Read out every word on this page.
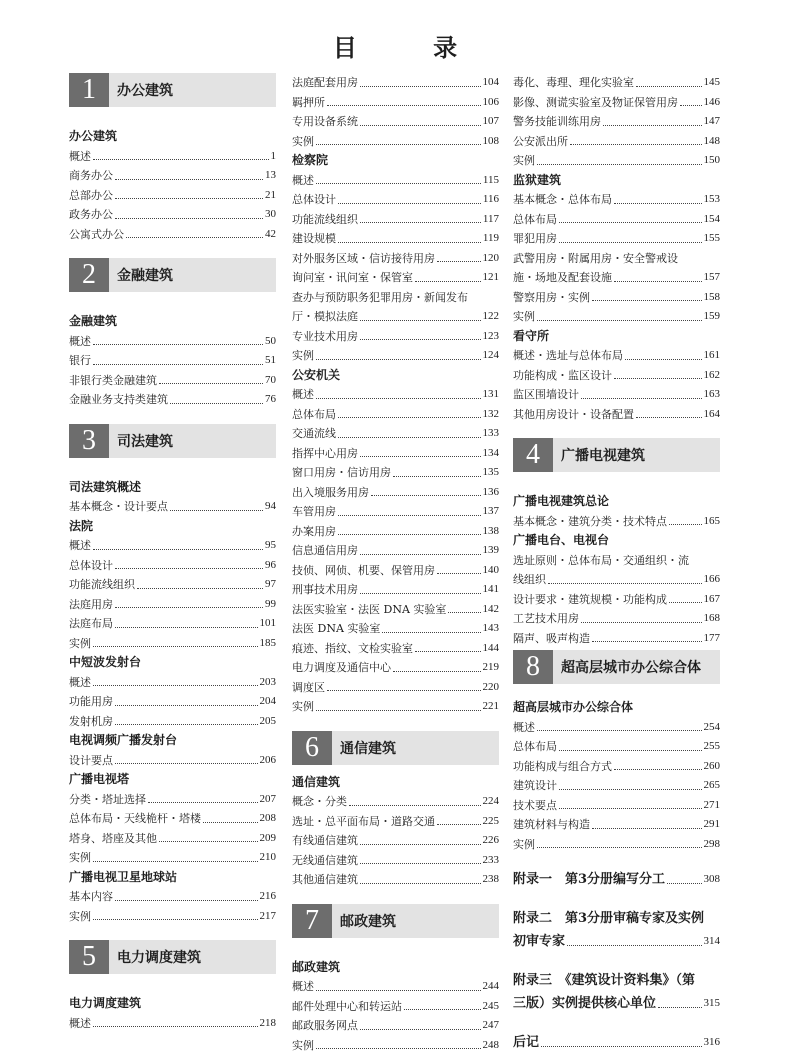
目 录
1	办公建筑
办公建筑
概述	1
商务办公	13
总部办公	21
政务办公	30
公寓式办公	42
2	金融建筑
金融建筑
概述	50
银行	51
非银行类金融建筑	70
金融业务支持类建筑	76
3	司法建筑
司法建筑概述
基本概念・设计要点	94
法院
概述	95
总体设计	96
功能流线组织	97
法庭用房	99
法庭布局	101
实例	185
中短波发射台
概述	203
功能用房	204
发射机房	205
电视调频广播发射台
设计要点	206
广播电视塔
分类・塔址选择	207
总体布局・天线桅杆・塔楼	208
塔身、塔座及其他	209
实例	210
广播电视卫星地球站
基本内容	216
实例	217
5	电力调度建筑
电力调度建筑
概述	218
法庭配套用房	104
羁押所	106
专用设备系统	107
实例	108
检察院
概述	115
总体设计	116
功能流线组织	117
建设规模	119
对外服务区域・信访接待用房	120
询问室・讯问室・保管室	121
查办与预防职务犯罪用房・新闻发布
厅・模拟法庭	122
专业技术用房	123
实例	124
公安机关
概述	131
总体布局	132
交通流线	133
指挥中心用房	134
窗口用房・信访用房	135
出入境服务用房	136
车管用房	137
办案用房	138
信息通信用房	139
技侦、网侦、机要、保管用房	140
刑事技术用房	141
法医实验室・法医 DNA 实验室	142
法医 DNA 实验室	143
痕迹、指纹、文检实验室	144
电力调度及通信中心	219
调度区	220
实例	221
6	通信建筑
通信建筑
概念・分类	224
选址・总平面布局・道路交通	225
有线通信建筑	226
无线通信建筑	233
其他通信建筑	238
7	邮政建筑
邮政建筑
概述	244
邮件处理中心和转运站	245
邮政服务网点	247
实例	248
毒化、毒理、理化实验室	145
影像、测谎实验室及物证保管用房 146
警务技能训练用房	147
公安派出所	148
实例	150
监狱建筑
基本概念・总体布局	153
总体布局	154
罪犯用房	155
武警用房・附属用房・安全警戒设
施・场地及配套设施	157
警察用房・实例	158
实例	159
看守所
概述・选址与总体布局	161
功能构成・监区设计	162
监区围墙设计	163
其他用房设计・设备配置	164
4	广播电视建筑
广播电视建筑总论
基本概念・建筑分类・技术特点	165
广播电台、电视台
选址原则・总体布局・交通组织・流
线组织	166
设计要求・建筑规模・功能构成	167
工艺技术用房	168
隔声、吸声构造	177
8	超高层城市办公综合体
超高层城市办公综合体
概述	254
总体布局	255
功能构成与组合方式	260
建筑设计	265
技术要点	271
建筑材料与构造	291
实例	298
附录一　第3分册编写分工	308
附录二　第3分册审稿专家及实例
初审专家	314
附录三　《建筑设计资料集》（第
三版）实例提供核心单位	315
后记	316
